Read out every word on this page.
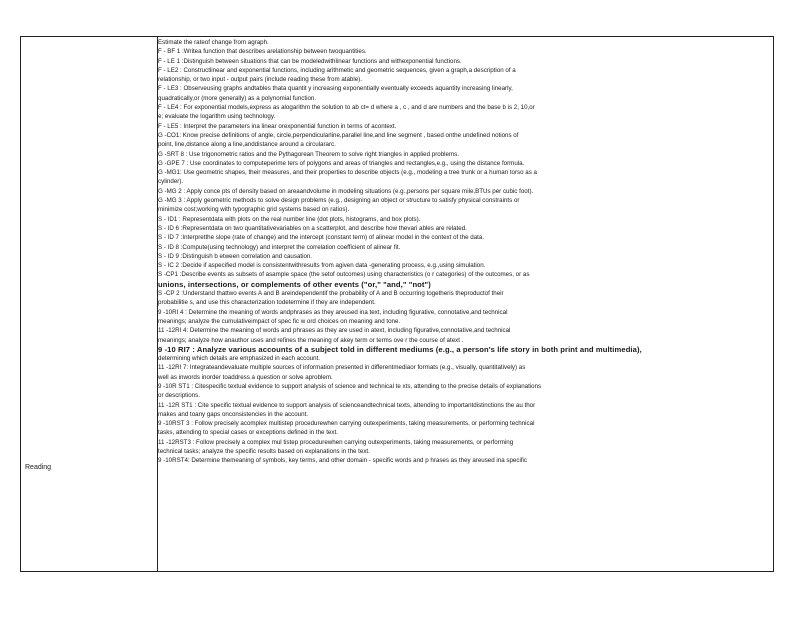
Reading
Estimate the rateof change from agraph.
F - BF 1 :Writea function that describes arelationship between twoquantities.
F - LE 1 :Distinguish between situations that can be modeledwithlinear functions and withexponential functions.
F - LE2 : Constructlinear and exponential functions, including arithmetic and geometric sequences, given a graph,a description of a
relationship, or two input - output pairs (include reading these from atable).
F - LE3 : Observeusing graphs andtables thata quantit y increasing exponentially eventually exceeds aquantity increasing linearly,
quadratically,or (more generally) as a polynomial function.
F - LE4 : For exponential models,express as alogarithm the solution to ab ct= d where a , c , and d are numbers and the base b is 2, 10,or
e; evaluate the logarithm using technology.
F - LE5 : Interpret the parameters ina linear orexponential function in terms of acontext.
G -CO1: Know precise definitions of angle, circle,perpendicularline,parallel line,and line segment , based onthe undefined notions of
point, line,distance along a line,anddistance around a circulararc.
G -SRT 8 : Use trigonometric ratios and the Pythagorean Theorem to solve right triangles in applied problems.
G -GPE 7 : Use coordinates to computeperime ters of polygons and areas of triangles and rectangles,e.g., using the distance formula.
G -MG1: Use geometric shapes, their measures, and their properties to describe objects (e.g., modeling a tree trunk or a human torso as a
cylinder).
G -MG 2 : Apply conce pts of density based on areaandvolume in modeling situations (e.g.,persons per square mile,BTUs per cubic foot).
G -MG 3 : Apply geometric methods to solve design problems (e.g., designing an object or structure to satisfy physical constraints or
minimize cost;working with typographic grid systems based on ratios).
S - ID1 : Representdata with plots on the real number line (dot plots, histograms, and box plots).
S - ID 6 :Representdata on two quantitativevariables on a scatterplot, and describe how thevari ables are related.
S - ID 7 :Interpretthe slope (rate of change) and the intercept (constant term) of alinear model in the context of the data.
S - ID 8 :Compute(using technology) and interpret the correlation coefficient of alinear fit.
S - ID 9 :Distinguish b etween correlation and causation.
S - IC 2 :Decide if aspecified model is consistentwithresults from agiven data -generating process, e.g.,using simulation.
S -CP1 :Describe events as subsets of asample space (the setof outcomes) using characteristics (o r categories) of the outcomes, or as
unions, intersections, or complements of other events ("or," "and," "not")
S -CP 2 :Understand thattwo events A and B areindependentif the probability of A and B occurring togetheris theproductof their
probabilitie s, and use this characterization todetermine if they are independent.
9 -10RI 4 : Determine the meaning of words andphrases as they areused ina text, including figurative, connotative,and technical
meanings; analyze the cumulativeimpact of spec fic w ord choices on meaning and tone.
11 -12RI 4: Determine the meaning of words and phrases as they are used in atext, including figurative,connotative,and technical
meanings; analyze how anauthor uses and refines the meaning of akey term or terms ove r the course of atext .
9 -10 RI7 : Analyze various accounts of a subject told in different mediums (e.g., a person's life story in both print and multimedia),
determining which details are emphasized in each account.
11 -12RI 7: Integrateandevaluate multiple sources of information presented in differentmediaor formats (e.g., visually, quantitatively) as
well as inwords inorder toaddress a question or solve aproblem.
9 -10R ST1 : Citespecific textual evidence to support analysis of science and technical te xts, attending to the precise details of explanations
or descriptions.
11 -12R ST1 : Cite specific textual evidence to support analysis of scienceandtechnical texts, attending to importantdistinctions the au thor
makes and toany gaps onconsistencies in the account.
9 -10RST 3 : Follow precisely acomplex multistep procedurewhen carrying outexperiments, taking measurements, or performing technical
tasks, attending to special cases or exceptions defined in the text.
11 -12RST3 : Follow precisely a complex mul tistep procedurewhen carrying outexperiments, taking measurements, or performing
technical tasks; analyze the specific results based on explanations in the text.
9 -10RST4: Determine themeaning of symbols, key terms, and other domain - specific words and p hrases as they areused ina specific
